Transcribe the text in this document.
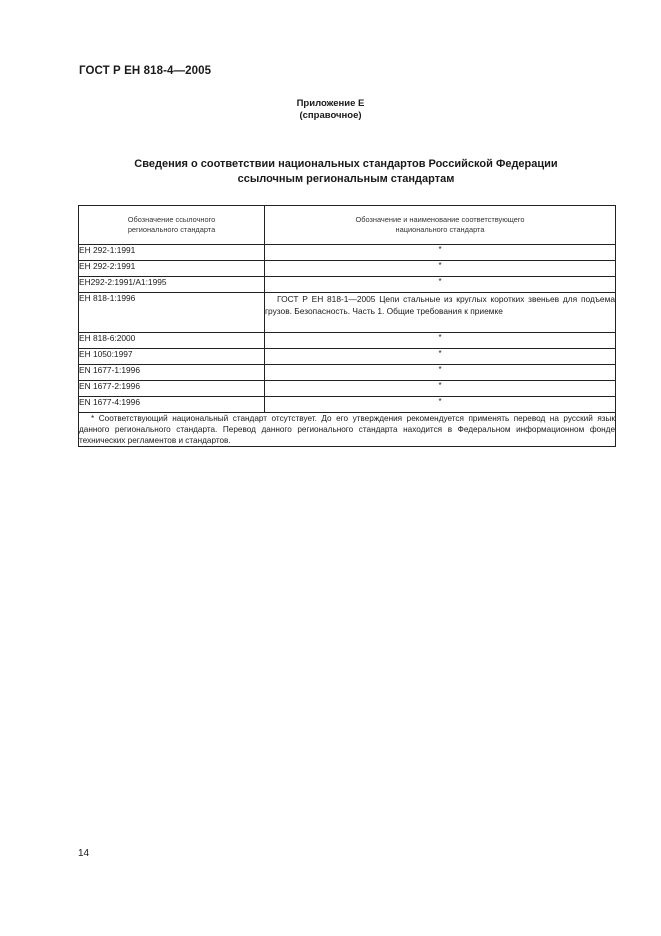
ГОСТ Р ЕН 818-4—2005
Приложение Е
(справочное)
Сведения о соответствии национальных стандартов Российской Федерации
ссылочным региональным стандартам
Обозначение ссылочного регионального стандарта	Обозначение и наименование соответствующего национального стандарта

ЕН 292-1:1991	*
ЕН 292-2:1991	*
ЕН292-2:1991/А1:1995	*
ЕН 818-1:1996	ГОСТ Р ЕН 818-1—2005 Цепи стальные из круглых коротких звеньев для подъема грузов. Безопасность. Часть 1. Общие требования к приемке
ЕН 818-6:2000	*
ЕН 1050:1997	*
EN 1677-1:1996	*
EN 1677-2:1996	*
EN 1677-4:1996	*
* Соответствующий национальный стандарт отсутствует. До его утверждения рекомендуется применять перевод на русский язык данного регионального стандарта. Перевод данного регионального стандарта находится в Федеральном информационном фонде технических регламентов и стандартов.	
14
